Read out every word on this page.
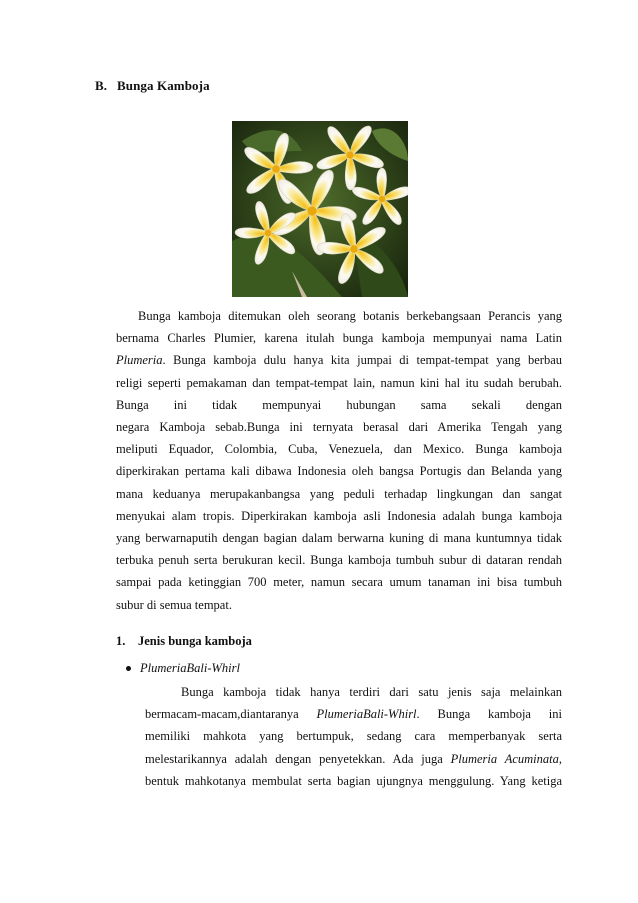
B. Bunga Kamboja
Bunga kamboja ditemukan oleh seorang botanis berkebangsaan Perancis yang
bernama Charles Plumier, karena itulah bunga kamboja mempunyai nama Latin
Plumeria. Bunga kamboja dulu hanya kita jumpai di tempat-tempat yang berbau
religi seperti pemakaman dan tempat-tempat lain, namun kini hal itu sudah berubah.
Bunga ini tidak mempunyai hubungan sama sekali dengan
negara Kamboja sebab.Bunga ini ternyata berasal dari Amerika Tengah yang
meliputi Equador, Colombia, Cuba, Venezuela, dan Mexico. Bunga kamboja
diperkirakan pertama kali dibawa Indonesia oleh bangsa Portugis dan Belanda yang
mana keduanya merupakanbangsa yang peduli terhadap lingkungan dan sangat
menyukai alam tropis. Diperkirakan kamboja asli Indonesia adalah bunga kamboja
yang berwarnaputih dengan bagian dalam berwarna kuning di mana kuntumnya tidak
terbuka penuh serta berukuran kecil. Bunga kamboja tumbuh subur di dataran rendah
sampai pada ketinggian 700 meter, namun secara umum tanaman ini bisa tumbuh
subur di semua tempat.
1. Jenis bunga kamboja
PlumeriaBali-Whirl
Bunga kamboja tidak hanya terdiri dari satu jenis saja melainkan
bermacam-macam,diantaranya PlumeriaBali-Whirl. Bunga kamboja ini
memiliki mahkota yang bertumpuk, sedang cara memperbanyak serta
melestarikannya adalah dengan penyetekkan. Ada juga Plumeria Acuminata,
bentuk mahkotanya membulat serta bagian ujungnya menggulung. Yang ketiga
